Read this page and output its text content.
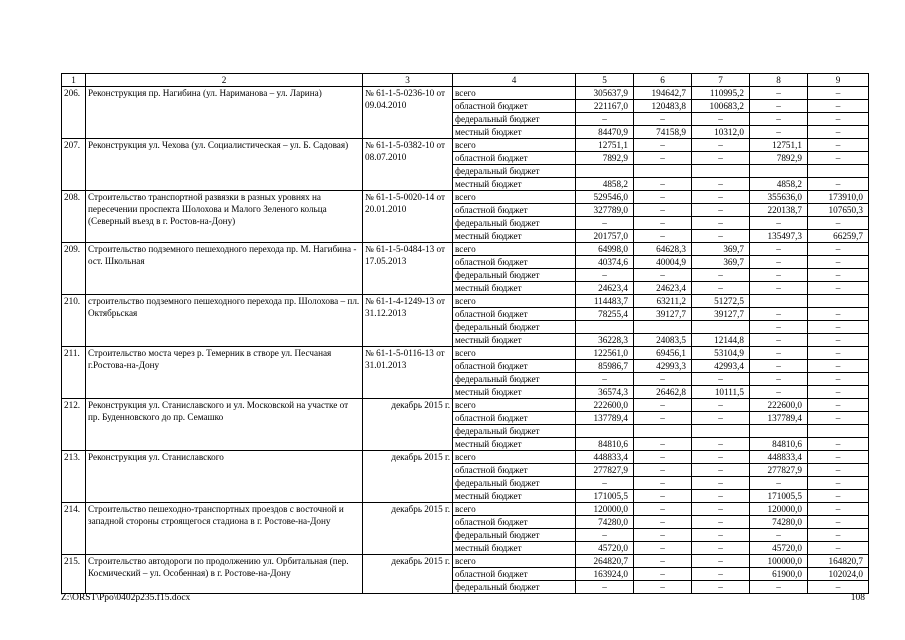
1	2	3	4	5	6	7	8	9
206.	Реконструкция пр. Нагибина (ул. Нариманова – ул. Ларина)	№ 61-1-5-0236-10 от 09.04.2010	всего	305637,9	194642,7	110995,2	–	–
			областной бюджет	221167,0	120483,8	100683,2	–	–
			федеральный бюджет	–	–	–	–	–
			местный бюджет	84470,9	74158,9	10312,0	–	–
207.	Реконструкция ул. Чехова (ул. Социалистическая – ул. Б. Садовая)	№ 61-1-5-0382-10 от 08.07.2010	всего	12751,1	–	–	12751,1	–
			областной бюджет	7892,9	–	–	7892,9	–
			федеральный бюджет					
			местный бюджет	4858,2	–	–	4858,2	–
208.	Строительство транспортной развязки в разных уровнях на пересечении проспекта Шолохова и Малого Зеленого кольца (Северный въезд в г. Ростов-на-Дону)	№ 61-1-5-0020-14 от 20.01.2010	всего	529546,0	–	–	355636,0	173910,0
			областной бюджет	327789,0	–	–	220138,7	107650,3
			федеральный бюджет	–	–	–	–	–
			местный бюджет	201757,0	–	–	135497,3	66259,7
209.	Строительство подземного пешеходного перехода пр. М. Нагибина - ост. Школьная	№ 61-1-5-0484-13 от 17.05.2013	всего	64998,0	64628,3	369,7	–	–
			областной бюджет	40374,6	40004,9	369,7	–	–
			федеральный бюджет	–	–	–	–	–
			местный бюджет	24623,4	24623,4	–	–	–
210.	строительство подземного пешеходного перехода пр. Шолохова – пл. Октябрьская	№ 61-1-4-1249-13 от 31.12.2013	всего	114483,7	63211,2	51272,5		
			областной бюджет	78255,4	39127,7	39127,7	–	–
			федеральный бюджет				–	–
			местный бюджет	36228,3	24083,5	12144,8	–	–
211.	Строительство моста через р. Темерник в створе ул. Песчаная г.Ростова-на-Дону	№ 61-1-5-0116-13 от 31.01.2013	всего	122561,0	69456,1	53104,9	–	–
			областной бюджет	85986,7	42993,3	42993,4	–	–
			федеральный бюджет	–	–	–	–	–
			местный бюджет	36574,3	26462,8	10111,5	–	–
212.	Реконструкция ул. Станиславского и ул. Московской на участке от пр. Буденновского до пр. Семашко	декабрь 2015 г.	всего	222600,0	–	–	222600,0	–
			областной бюджет	137789,4	–	–	137789,4	–
			федеральный бюджет					
			местный бюджет	84810,6	–	–	84810,6	–
213.	Реконструкция ул. Станиславского	декабрь 2015 г.	всего	448833,4	–	–	448833,4	–
			областной бюджет	277827,9	–	–	277827,9	–
			федеральный бюджет	–	–	–	–	–
			местный бюджет	171005,5	–	–	171005,5	–
214.	Строительство пешеходно-транспортных проездов с восточной и западной стороны строящегося стадиона в г. Ростове-на-Дону	декабрь 2015 г.	всего	120000,0	–	–	120000,0	–
			областной бюджет	74280,0	–	–	74280,0	–
			федеральный бюджет	–	–	–	–	–
			местный бюджет	45720,0	–	–	45720,0	–
215.	Строительство автодороги по продолжению ул. Орбитальная (пер. Космический – ул. Особенная) в г. Ростове-на-Дону	декабрь 2015 г.	всего	264820,7	–	–	100000,0	164820,7
			областной бюджет	163924,0	–	–	61900,0	102024,0
			федеральный бюджет	–	–	–	–	–
Z:\ORST\Ppo\0402p235.f15.docx	108
